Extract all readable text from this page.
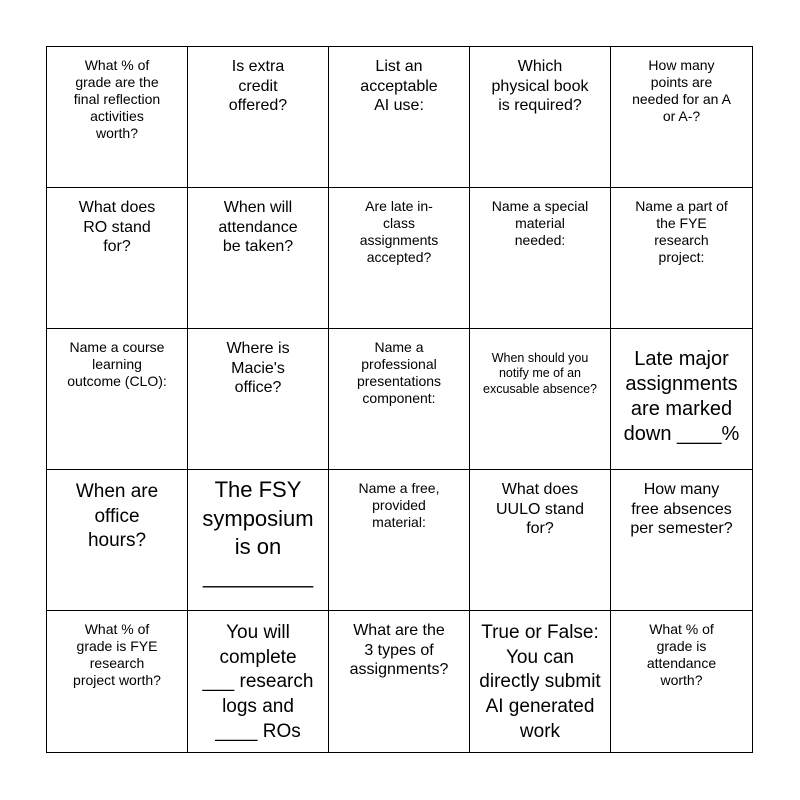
What % of
grade are the
final reflection
activities
worth?
Is extra
credit
offered?
List an
acceptable
AI use:
Which
physical book
is required?
How many
points are
needed for an A
or A-?
What does
RO stand
for?
When will
attendance
be taken?
Are late in-
class
assignments
accepted?
Name a special
material
needed:
Name a part of
the FYE
research
project:
Name a course
learning
outcome (CLO):
Where is
Macie's
office?
Name a
professional
presentations
component:
When should you
notify me of an
excusable absence?
Late major
assignments
are marked
down ____%
When are
office
hours?
The FSY
symposium
is on
_________
Name a free,
provided
material:
What does
UULO stand
for?
How many
free absences
per semester?
What % of
grade is FYE
research
project worth?
You will
complete
___ research
logs and
____ ROs
What are the
3 types of
assignments?
True or False:
You can
directly submit
AI generated
work
What % of
grade is
attendance
worth?
